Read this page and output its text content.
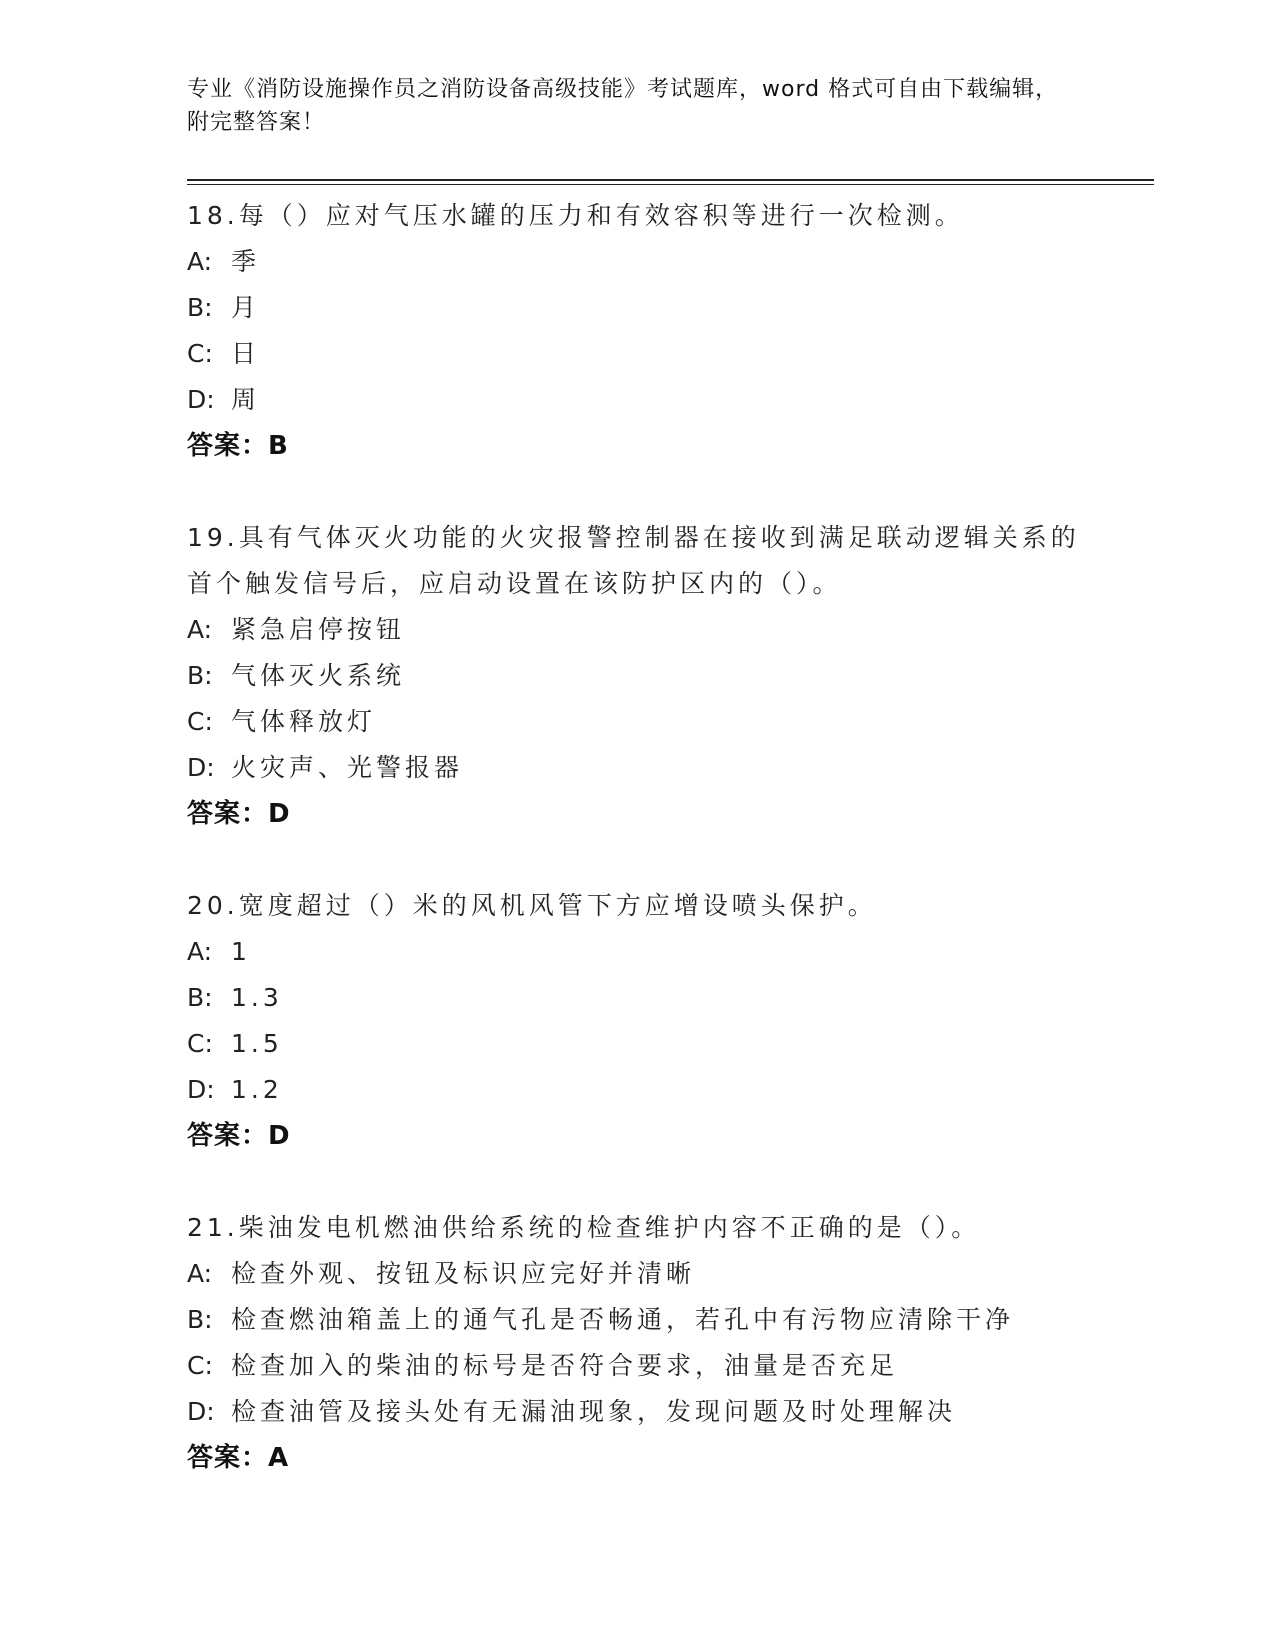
专业《消防设施操作员之消防设备高级技能》考试题库，word 格式可自由下载编辑，附完整答案！
18.每（）应对气压水罐的压力和有效容积等进行一次检测。
A: 季
B: 月
C: 日
D: 周
答案：B
19.具有气体灭火功能的火灾报警控制器在接收到满足联动逻辑关系的首个触发信号后，应启动设置在该防护区内的（）。
A: 紧急启停按钮
B: 气体灭火系统
C: 气体释放灯
D: 火灾声、光警报器
答案：D
20.宽度超过（）米的风机风管下方应增设喷头保护。
A: 1
B: 1.3
C: 1.5
D: 1.2
答案：D
21.柴油发电机燃油供给系统的检查维护内容不正确的是（）。
A: 检查外观、按钮及标识应完好并清晰
B: 检查燃油箱盖上的通气孔是否畅通，若孔中有污物应清除干净
C: 检查加入的柴油的标号是否符合要求，油量是否充足
D: 检查油管及接头处有无漏油现象，发现问题及时处理解决
答案：A
